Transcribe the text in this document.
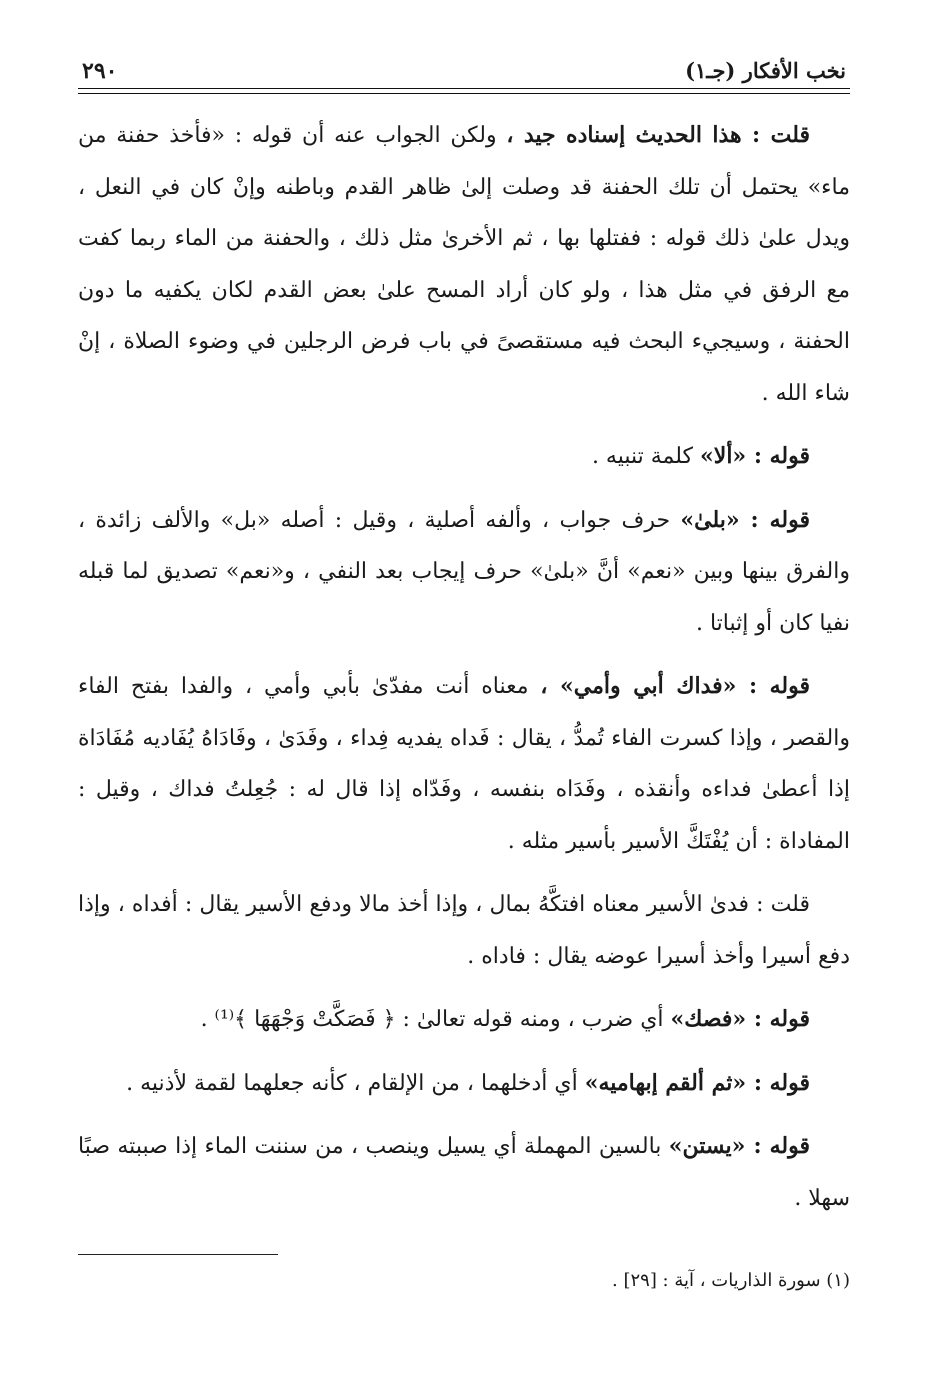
نخب الأفكار (جـ١)
٢٩٠

قلت : هذا الحديث إسناده جيد ، ولكن الجواب عنه أن قوله : «فأخذ حفنة من ماء» يحتمل أن تلك الحفنة قد وصلت إلىٰ ظاهر القدم وباطنه وإنْ كان في النعل ، ويدل علىٰ ذلك قوله : ففتلها بها ، ثم الأخرىٰ مثل ذلك ، والحفنة من الماء ربما كفت مع الرفق في مثل هذا ، ولو كان أراد المسح علىٰ بعض القدم لكان يكفيه ما دون الحفنة ، وسيجيء البحث فيه مستقصىً في باب فرض الرجلين في وضوء الصلاة ، إنْ شاء الله .

قوله : «ألا» كلمة تنبيه .

قوله : «بلىٰ» حرف جواب ، وألفه أصلية ، وقيل : أصله «بل» والألف زائدة ، والفرق بينها وبين «نعم» أنَّ «بلىٰ» حرف إيجاب بعد النفي ، و«نعم» تصديق لما قبله نفيا كان أو إثباتا .

قوله : «فداك أبي وأمي» ، معناه أنت مفدّىٰ بأبي وأمي ، والفدا بفتح الفاء والقصر ، وإذا كسرت الفاء تُمدُّ ، يقال : فَداه يفديه فِداء ، وفَدَىٰ ، وفَادَاهُ يُفَاديه مُفَادَاة إذا أعطىٰ فداءه وأنقذه ، وفَدَاه بنفسه ، وفَدّاه إذا قال له : جُعِلتُ فداك ، وقيل : المفاداة : أن يُفْتَكَّ الأسير بأسير مثله .

قلت : فدىٰ الأسير معناه افتكَّهُ بمال ، وإذا أخذ مالا ودفع الأسير يقال : أفداه ، وإذا دفع أسيرا وأخذ أسيرا عوضه يقال : فاداه .

قوله : «فصك» أي ضرب ، ومنه قوله تعالىٰ : ﴿ فَصَكَّتْ وَجْهَهَا ﴾⁽¹⁾ .

قوله : «ثم ألقم إبهاميه» أي أدخلهما ، من الإلقام ، كأنه جعلهما لقمة لأذنيه .

قوله : «يستن» بالسين المهملة أي يسيل وينصب ، من سننت الماء إذا صببته صبًا سهلا .

(١) سورة الذاريات ، آية : [٢٩] .
